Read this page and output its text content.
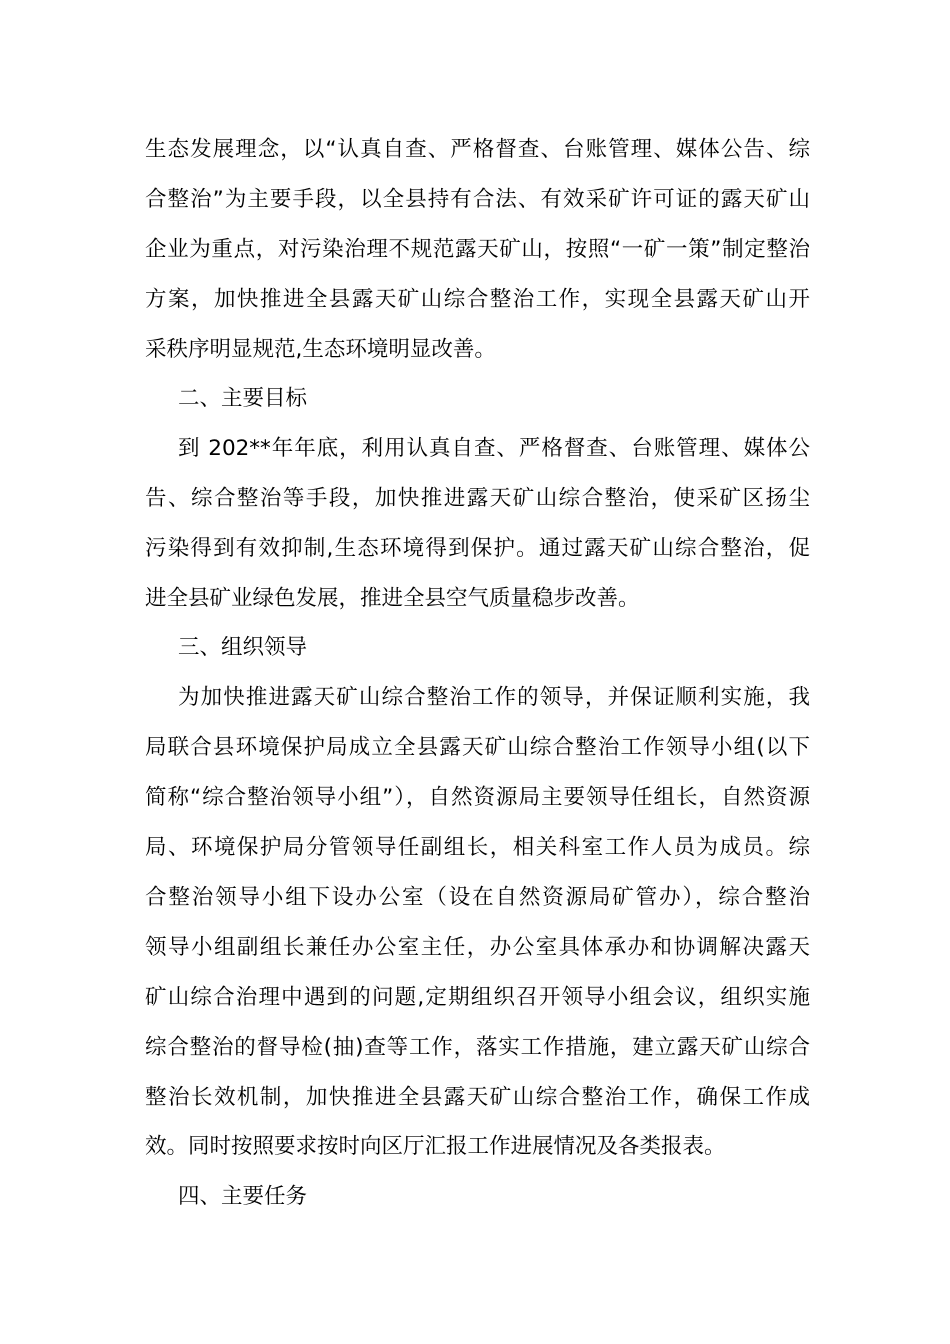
生态发展理念，以“认真自查、严格督查、台账管理、媒体公告、综
合整治”为主要手段，以全县持有合法、有效采矿许可证的露天矿山
企业为重点，对污染治理不规范露天矿山，按照“一矿一策”制定整治
方案，加快推进全县露天矿山综合整治工作，实现全县露天矿山开
采秩序明显规范,生态环境明显改善。
二、主要目标
到 202**年年底，利用认真自查、严格督查、台账管理、媒体公
告、综合整治等手段，加快推进露天矿山综合整治，使采矿区扬尘
污染得到有效抑制,生态环境得到保护。通过露天矿山综合整治，促
进全县矿业绿色发展，推进全县空气质量稳步改善。
三、组织领导
为加快推进露天矿山综合整治工作的领导，并保证顺利实施，我
局联合县环境保护局成立全县露天矿山综合整治工作领导小组(以下
简称“综合整治领导小组”），自然资源局主要领导任组长，自然资源
局、环境保护局分管领导任副组长，相关科室工作人员为成员。综
合整治领导小组下设办公室（设在自然资源局矿管办），综合整治
领导小组副组长兼任办公室主任，办公室具体承办和协调解决露天
矿山综合治理中遇到的问题,定期组织召开领导小组会议，组织实施
综合整治的督导检(抽)查等工作，落实工作措施，建立露天矿山综合
整治长效机制，加快推进全县露天矿山综合整治工作，确保工作成
效。同时按照要求按时向区厅汇报工作进展情况及各类报表。
四、主要任务
